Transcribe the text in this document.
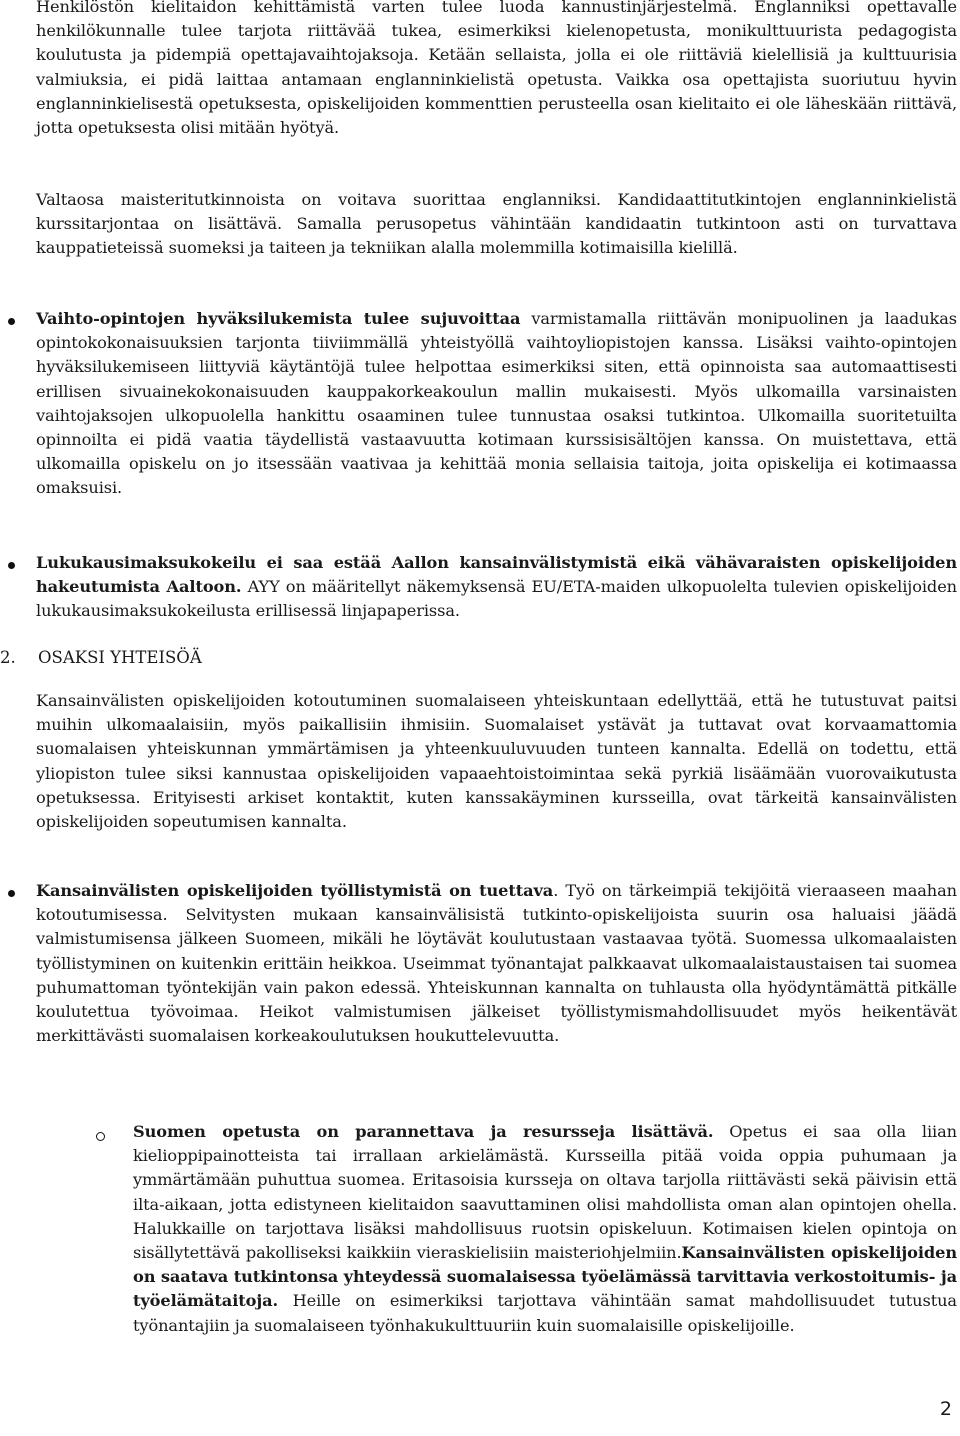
Henkilöstön kielitaidon kehittämistä varten tulee luoda kannustinjärjestelmä. Englanniksi opettavalle henkilökunnalle tulee tarjota riittävää tukea, esimerkiksi kielenopetusta, monikulttuurista pedagogista koulutusta ja pidempiä opettajavaihtojaksoja. Ketään sellaista, jolla ei ole riittäviä kielellisiä ja kulttuurisia valmiuksia, ei pidä laittaa antamaan englanninkielistä opetusta. Vaikka osa opettajista suoriutuu hyvin englanninkielisestä opetuksesta, opiskelijoiden kommenttien perusteella osan kielitaito ei ole läheskään riittävä, jotta opetuksesta olisi mitään hyötyä.

Valtaosa maisteritutkinnoista on voitava suorittaa englanniksi. Kandidaattitutkintojen englanninkielistä kurssitarjontaa on lisättävä. Samalla perusopetus vähintään kandidaatin tutkintoon asti on turvattava kauppatieteissä suomeksi ja taiteen ja tekniikan alalla molemmilla kotimaisilla kielillä.

Vaihto-opintojen hyväksilukemista tulee sujuvoittaa varmistamalla riittävän monipuolinen ja laadukas opintokokonaisuuksien tarjonta tiiviimmällä yhteistyöllä vaihtoyliopistojen kanssa. Lisäksi vaihto-opintojen hyväksilukemiseen liittyviä käytäntöjä tulee helpottaa esimerkiksi siten, että opinnoista saa automaattisesti erillisen sivuainekokonaisuuden kauppakorkeakoulun mallin mukaisesti. Myös ulkomailla varsinaisten vaihtojaksojen ulkopuolella hankittu osaaminen tulee tunnustaa osaksi tutkintoa. Ulkomailla suoritetuilta opinnoilta ei pidä vaatia täydellistä vastaavuutta kotimaan kurssisisältöjen kanssa. On muistettava, että ulkomailla opiskelu on jo itsessään vaativaa ja kehittää monia sellaisia taitoja, joita opiskelija ei kotimaassa omaksuisi.

Lukukausimaksukokeilu ei saa estää Aallon kansainvälistymistä eikä vähävaraisten opiskelijoiden hakeutumista Aaltoon. AYY on määritellyt näkemyksensä EU/ETA-maiden ulkopuolelta tulevien opiskelijoiden lukukausimaksukokeilusta erillisessä linjapaperissa.

2. OSAKSI YHTEISÖÄ

Kansainvälisten opiskelijoiden kotoutuminen suomalaiseen yhteiskuntaan edellyttää, että he tutustuvat paitsi muihin ulkomaalaisiin, myös paikallisiin ihmisiin. Suomalaiset ystävät ja tuttavat ovat korvaamattomia suomalaisen yhteiskunnan ymmärtämisen ja yhteenkuuluvuuden tunteen kannalta. Edellä on todettu, että yliopiston tulee siksi kannustaa opiskelijoiden vapaaehtoistoimintaa sekä pyrkiä lisäämään vuorovaikutusta opetuksessa. Erityisesti arkiset kontaktit, kuten kanssakäyminen kursseilla, ovat tärkeitä kansainvälisten opiskelijoiden sopeutumisen kannalta.

Kansainvälisten opiskelijoiden työllistymistä on tuettava. Työ on tärkeimpiä tekijöitä vieraaseen maahan kotoutumisessa. Selvitysten mukaan kansainvälisistä tutkinto-opiskelijoista suurin osa haluaisi jäädä valmistumisensa jälkeen Suomeen, mikäli he löytävät koulutustaan vastaavaa työtä. Suomessa ulkomaalaisten työllistyminen on kuitenkin erittäin heikkoa. Useimmat työnantajat palkkaavat ulkomaalaistaustaisen tai suomea puhumattoman työntekijän vain pakon edessä. Yhteiskunnan kannalta on tuhlausta olla hyödyntämättä pitkälle koulutettua työvoimaa. Heikot valmistumisen jälkeiset työllistymismahdollisuudet myös heikentävät merkittävästi suomalaisen korkeakoulutuksen houkuttelevuutta.

Suomen opetusta on parannettava ja resursseja lisättävä. Opetus ei saa olla liian kielioppipainotteista tai irrallaan arkielämästä. Kursseilla pitää voida oppia puhumaan ja ymmärtämään puhuttua suomea. Eritasoisia kursseja on oltava tarjolla riittävästi sekä päivisin että ilta-aikaan, jotta edistyneen kielitaidon saavuttaminen olisi mahdollista oman alan opintojen ohella. Halukkaille on tarjottava lisäksi mahdollisuus ruotsin opiskeluun. Kotimaisen kielen opintoja on sisällytettävä pakolliseksi kaikkiin vieraskielisiin maisteriohjelmiin.Kansainvälisten opiskelijoiden on saatava tutkintonsa yhteydessä suomalaisessa työelämässä tarvittavia verkostoitumis- ja työelämätaitoja. Heille on esimerkiksi tarjottava vähintään samat mahdollisuudet tutustua työnantajiin ja suomalaiseen työnhakukulttuuriin kuin suomalaisille opiskelijoille.

2
